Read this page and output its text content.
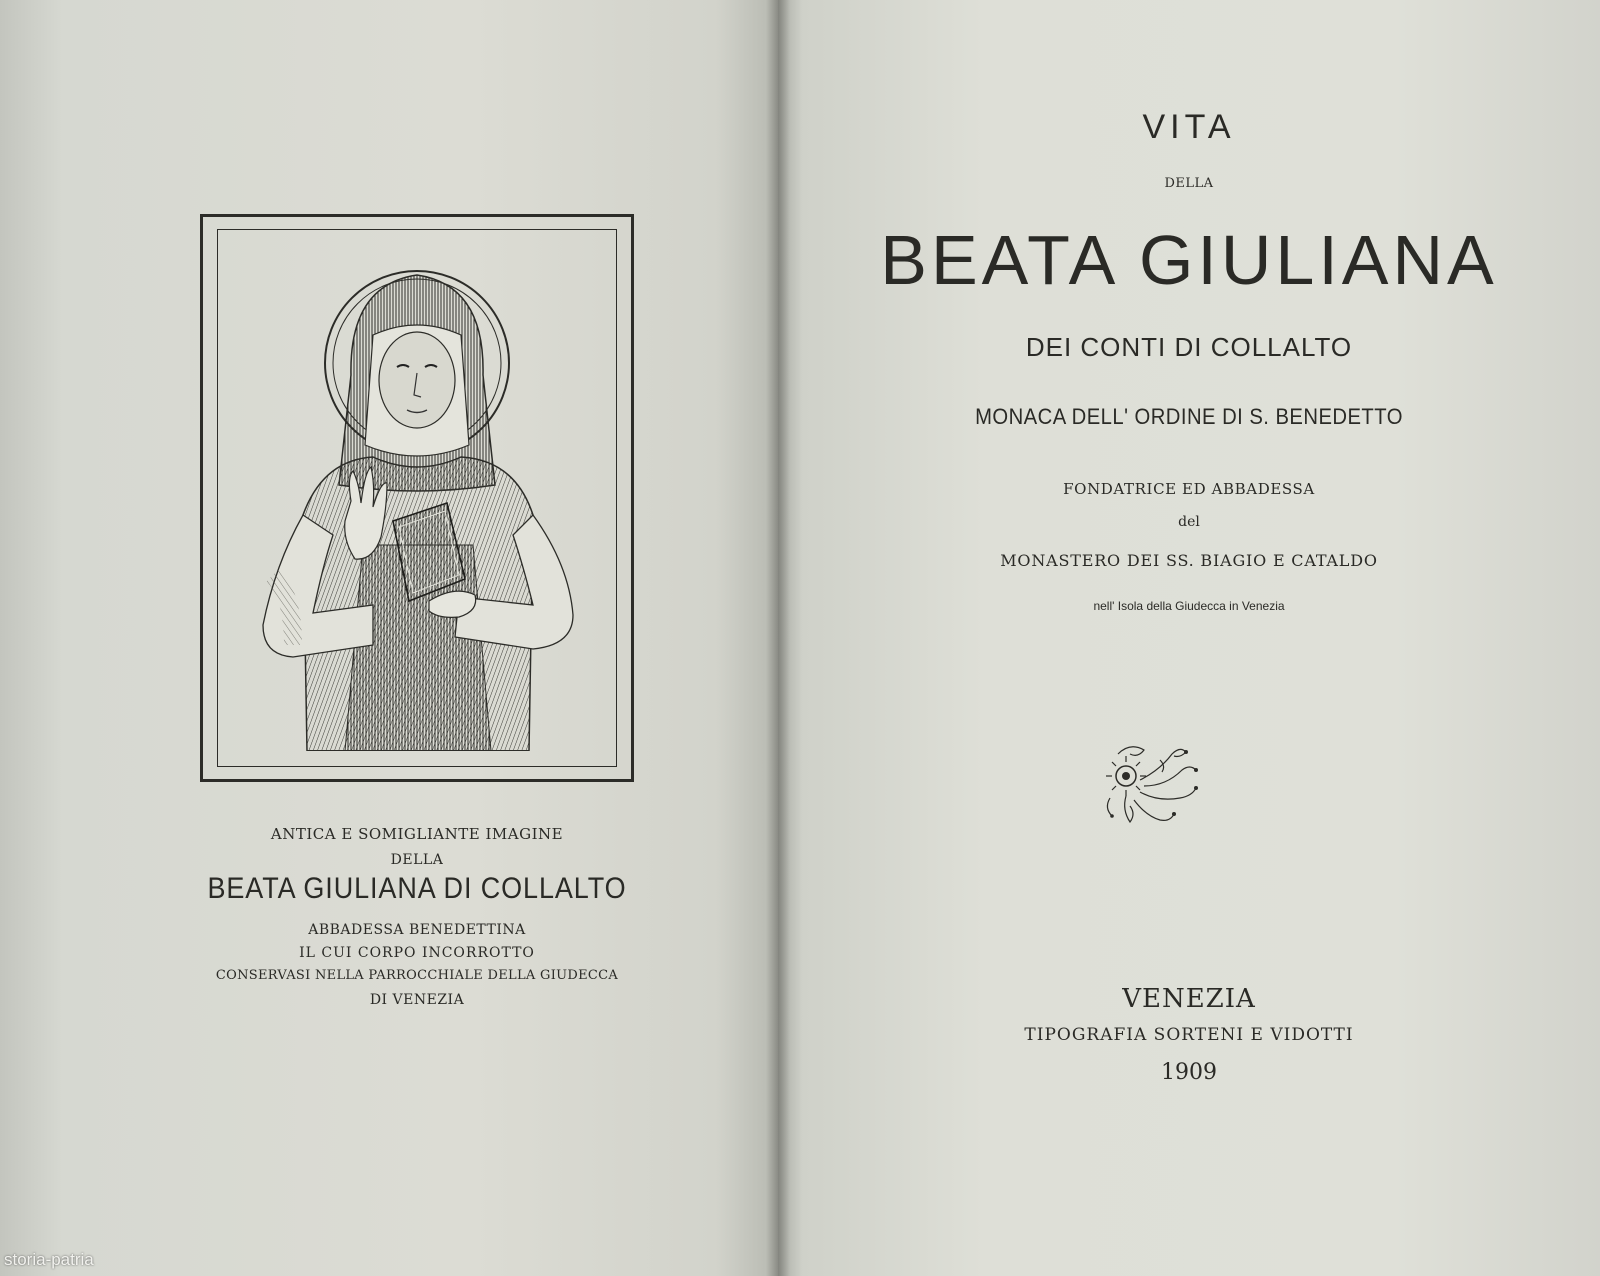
ANTICA E SOMIGLIANTE IMAGINE
DELLA
BEATA GIULIANA DI COLLALTO
ABBADESSA BENEDETTINA
IL CUI CORPO INCORROTTO
CONSERVASI NELLA PARROCCHIALE DELLA GIUDECCA
DI VENEZIA
storia-patria
VITA
DELLA
BEATA GIULIANA
DEI CONTI DI COLLALTO
MONACA DELL' ORDINE DI S. BENEDETTO
FONDATRICE ED ABBADESSA
del
MONASTERO DEI SS. BIAGIO E CATALDO
nell' Isola della Giudecca in Venezia
VENEZIA
TIPOGRAFIA SORTENI E VIDOTTI
1909
